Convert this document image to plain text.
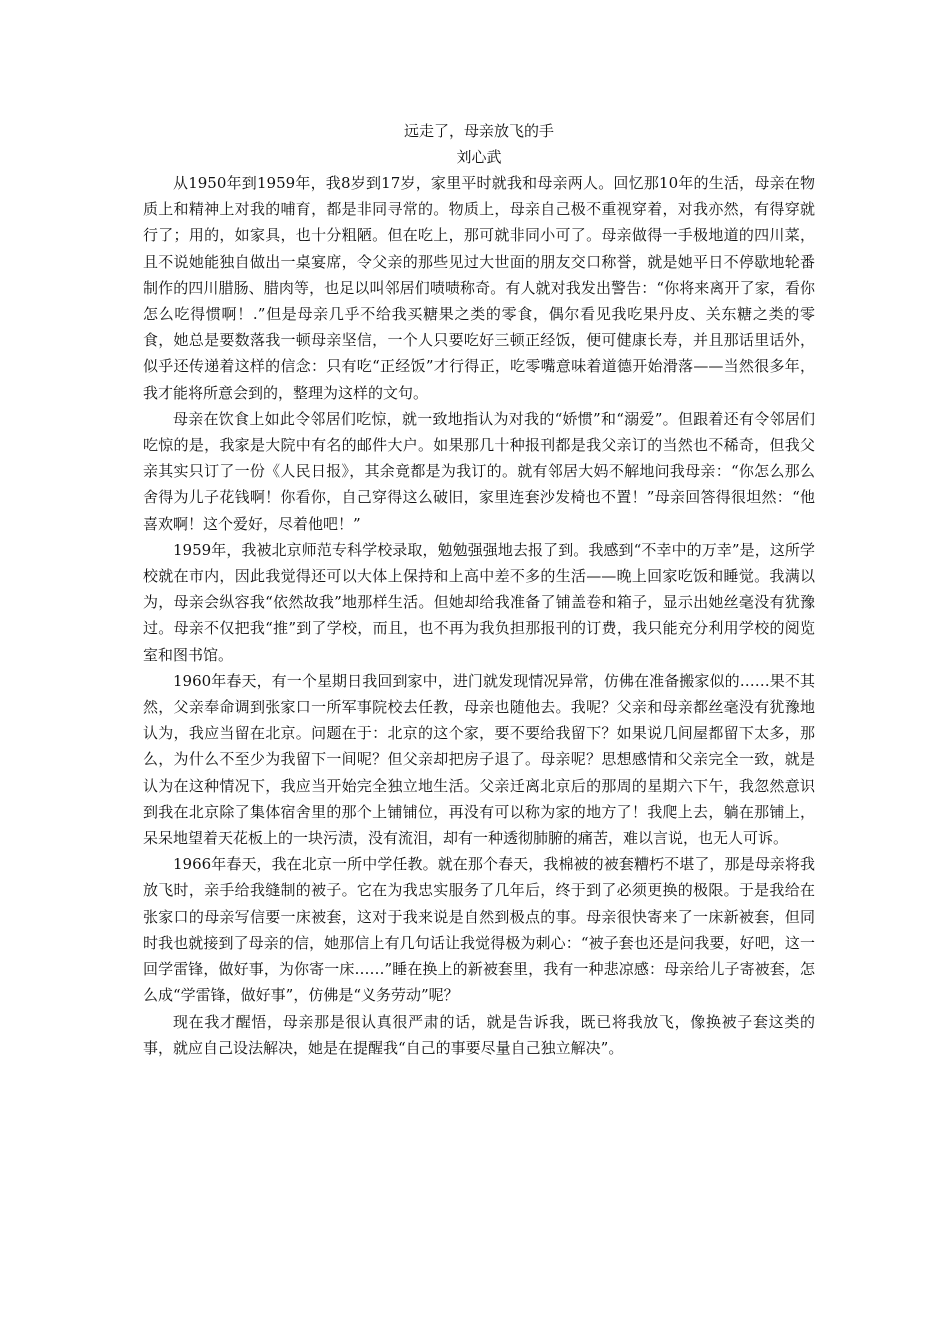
远走了，母亲放飞的手
刘心武

从1950年到1959年，我8岁到17岁，家里平时就我和母亲两人。回忆那10年的生活，母亲在物质上和精神上对我的哺育，都是非同寻常的。物质上，母亲自己极不重视穿着，对我亦然，有得穿就行了；用的，如家具，也十分粗陋。但在吃上，那可就非同小可了。母亲做得一手极地道的四川菜，且不说她能独自做出一桌宴席，令父亲的那些见过大世面的朋友交口称誉，就是她平日不停歇地轮番制作的四川腊肠、腊肉等，也足以叫邻居们啧啧称奇。有人就对我发出警告：“你将来离开了家，看你怎么吃得惯啊！.”但是母亲几乎不给我买糖果之类的零食，偶尔看见我吃果丹皮、关东糖之类的零食，她总是要数落我一顿母亲坚信，一个人只要吃好三顿正经饭，便可健康长寿，并且那话里话外，似乎还传递着这样的信念：只有吃“正经饭”才行得正，吃零嘴意味着道德开始滑落——当然很多年，我才能将所意会到的，整理为这样的文句。

母亲在饮食上如此令邻居们吃惊，就一致地指认为对我的“娇惯”和“溺爱”。但跟着还有令邻居们吃惊的是，我家是大院中有名的邮件大户。如果那几十种报刊都是我父亲订的当然也不稀奇，但我父亲其实只订了一份《人民日报》，其余竟都是为我订的。就有邻居大妈不解地问我母亲：“你怎么那么舍得为儿子花钱啊！你看你，自己穿得这么破旧，家里连套沙发椅也不置！”母亲回答得很坦然：“他喜欢啊！这个爱好，尽着他吧！”

1959年，我被北京师范专科学校录取，勉勉强强地去报了到。我感到“不幸中的万幸”是，这所学校就在市内，因此我觉得还可以大体上保持和上高中差不多的生活——晚上回家吃饭和睡觉。我满以为，母亲会纵容我“依然故我”地那样生活。但她却给我准备了铺盖卷和箱子，显示出她丝毫没有犹豫过。母亲不仅把我“推”到了学校，而且，也不再为我负担那报刊的订费，我只能充分利用学校的阅览室和图书馆。

1960年春天，有一个星期日我回到家中，进门就发现情况异常，仿佛在准备搬家似的……果不其然，父亲奉命调到张家口一所军事院校去任教，母亲也随他去。我呢？父亲和母亲都丝毫没有犹豫地认为，我应当留在北京。问题在于：北京的这个家，要不要给我留下？如果说几间屋都留下太多，那么，为什么不至少为我留下一间呢？但父亲却把房子退了。母亲呢？思想感情和父亲完全一致，就是认为在这种情况下，我应当开始完全独立地生活。父亲迁离北京后的那周的星期六下午，我忽然意识到我在北京除了集体宿舍里的那个上铺铺位，再没有可以称为家的地方了！我爬上去，躺在那铺上，呆呆地望着天花板上的一块污渍，没有流泪，却有一种透彻肺腑的痛苦，难以言说，也无人可诉。

1966年春天，我在北京一所中学任教。就在那个春天，我棉被的被套糟朽不堪了，那是母亲将我放飞时，亲手给我缝制的被子。它在为我忠实服务了几年后，终于到了必须更换的极限。于是我给在张家口的母亲写信要一床被套，这对于我来说是自然到极点的事。母亲很快寄来了一床新被套，但同时我也就接到了母亲的信，她那信上有几句话让我觉得极为刺心：“被子套也还是问我要，好吧，这一回学雷锋，做好事，为你寄一床……”睡在换上的新被套里，我有一种悲凉感：母亲给儿子寄被套，怎么成“学雷锋，做好事”，仿佛是“义务劳动”呢？

现在我才醒悟，母亲那是很认真很严肃的话，就是告诉我，既已将我放飞，像换被子套这类的事，就应自己设法解决，她是在提醒我“自己的事要尽量自己独立解决”。
